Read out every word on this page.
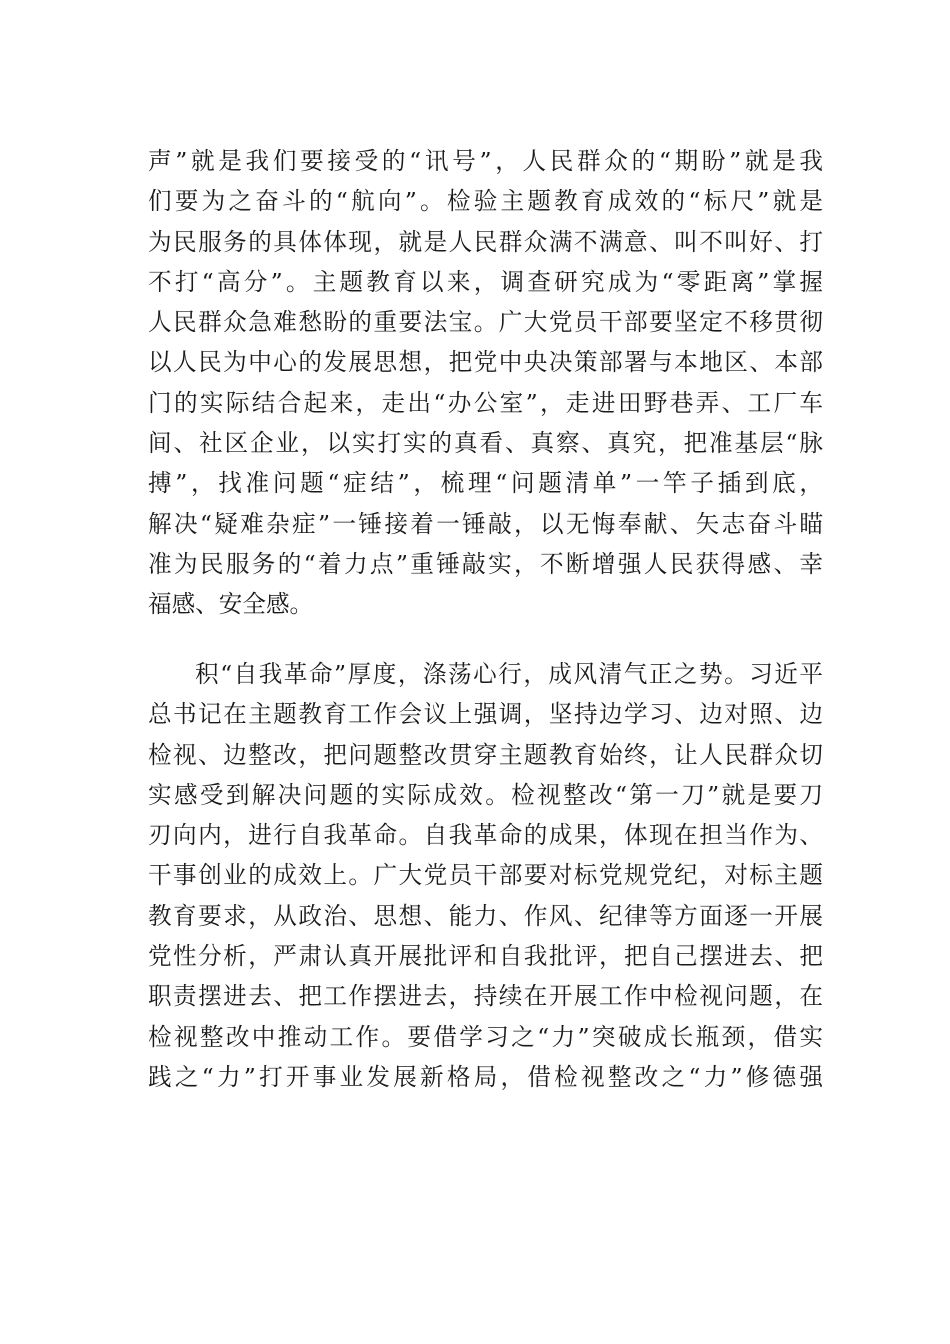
声”就是我们要接受的“讯号”，人民群众的“期盼”就是我
们要为之奋斗的“航向”。检验主题教育成效的“标尺”就是
为民服务的具体体现，就是人民群众满不满意、叫不叫好、打
不打“高分”。主题教育以来，调查研究成为“零距离”掌握
人民群众急难愁盼的重要法宝。广大党员干部要坚定不移贯彻
以人民为中心的发展思想，把党中央决策部署与本地区、本部
门的实际结合起来，走出“办公室”，走进田野巷弄、工厂车
间、社区企业，以实打实的真看、真察、真究，把准基层“脉
搏”，找准问题“症结”，梳理“问题清单”一竿子插到底，
解决“疑难杂症”一锤接着一锤敲，以无悔奉献、矢志奋斗瞄
准为民服务的“着力点”重锤敲实，不断增强人民获得感、幸
福感、安全感。

积“自我革命”厚度，涤荡心行，成风清气正之势。习近平
总书记在主题教育工作会议上强调，坚持边学习、边对照、边
检视、边整改，把问题整改贯穿主题教育始终，让人民群众切
实感受到解决问题的实际成效。检视整改“第一刀”就是要刀
刃向内，进行自我革命。自我革命的成果，体现在担当作为、
干事创业的成效上。广大党员干部要对标党规党纪，对标主题
教育要求，从政治、思想、能力、作风、纪律等方面逐一开展
党性分析，严肃认真开展批评和自我批评，把自己摆进去、把
职责摆进去、把工作摆进去，持续在开展工作中检视问题，在
检视整改中推动工作。要借学习之“力”突破成长瓶颈，借实
践之“力”打开事业发展新格局，借检视整改之“力”修德强
